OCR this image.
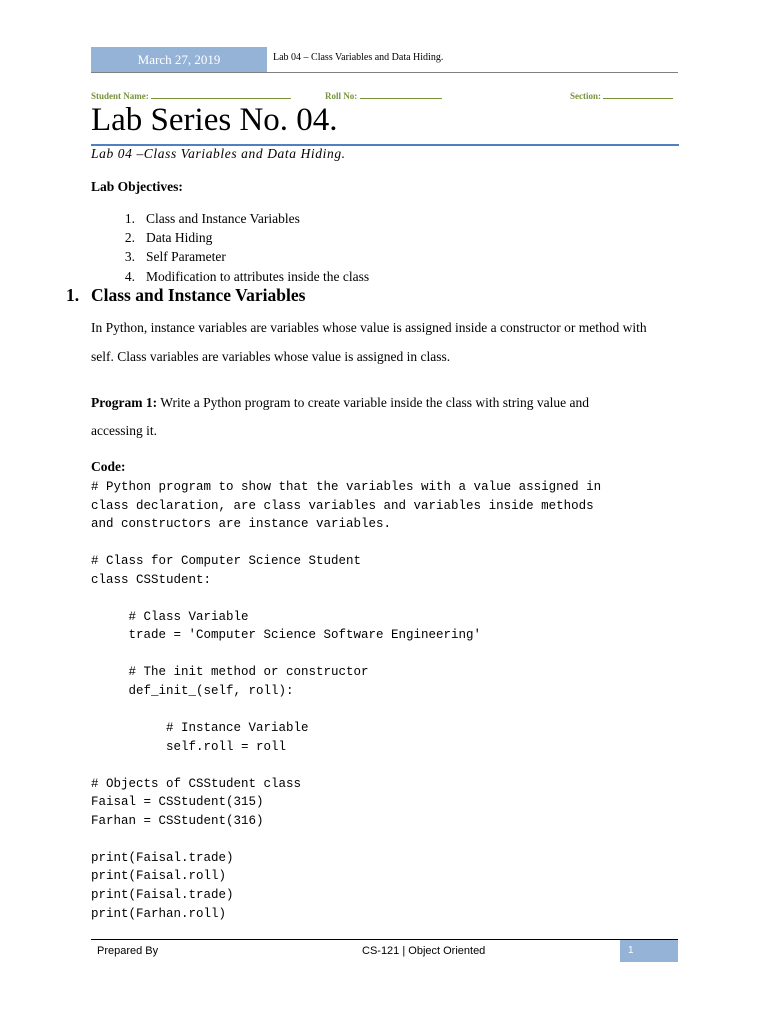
March 27, 2019	Lab 04 – Class Variables and Data Hiding.
Student Name:	Roll No:	Section:
Lab Series No. 04.
Lab 04 –Class Variables and Data Hiding.
Lab Objectives:
1. Class and Instance Variables
2. Data Hiding
3. Self Parameter
4. Modification to attributes inside the class
1. Class and Instance Variables
In Python, instance variables are variables whose value is assigned inside a constructor or method with
self. Class variables are variables whose value is assigned in class.
Program 1: Write a Python program to create variable inside the class with string value and
accessing it.
Code:
# Python program to show that the variables with a value assigned in
class declaration, are class variables and variables inside methods
and constructors are instance variables.

# Class for Computer Science Student
class CSStudent:

# Class Variable
trade = 'Computer Science Software Engineering'

# The init method or constructor
def_init_(self, roll):

# Instance Variable
self.roll = roll

# Objects of CSStudent class
Faisal = CSStudent(315)
Farhan = CSStudent(316)

print(Faisal.trade)
print(Faisal.roll)
print(Faisal.trade)
print(Farhan.roll)
Prepared By	CS-121 | Object Oriented	1
